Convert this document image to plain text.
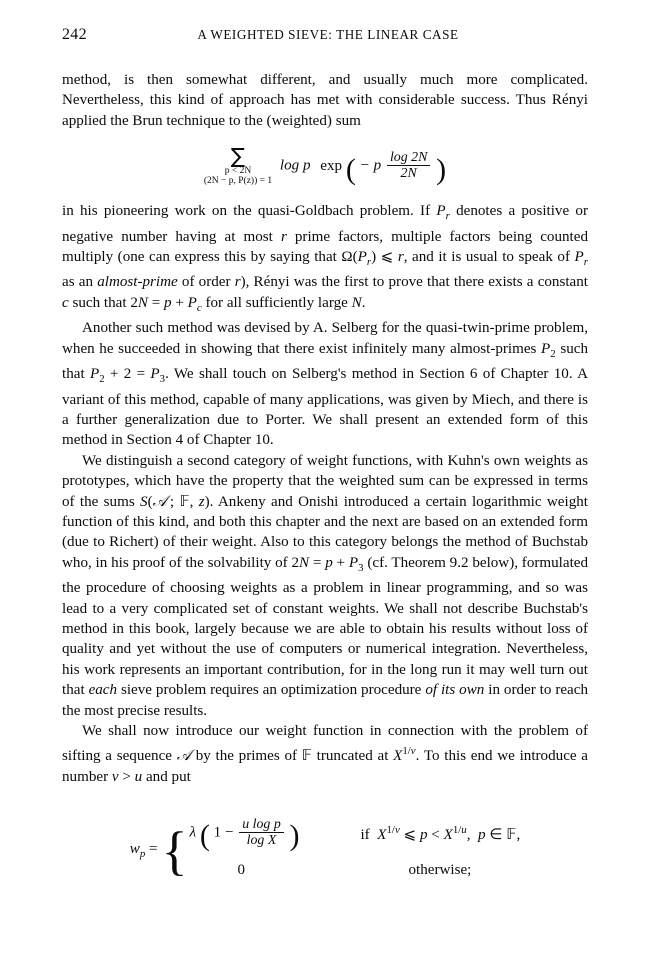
242	A WEIGHTED SIEVE: THE LINEAR CASE

method, is then somewhat different, and usually much more complicated. Nevertheless, this kind of approach has met with considerable success. Thus Rényi applied the Brun technique to the (weighted) sum

∑
p < 2N
(2N − p, P(z)) = 1
log p exp ( − p $\frac{\log 2N}{2N}$ )

in his pioneering work on the quasi-Goldbach problem. If $P_r$ denotes a positive or negative number having at most r prime factors, multiple factors being counted multiply (one can express this by saying that $\Omega(P_r)$ ⩽ r, and it is usual to speak of $P_r$ as an almost-prime of order r), Rényi was the first to prove that there exists a constant c such that $2N = p + P_c$ for all sufficiently large N.

Another such method was devised by A. Selberg for the quasi-twin-prime problem, when he succeeded in showing that there exist infinitely many almost-primes $P_2$ such that $P_2 + 2 = P_3$. We shall touch on Selberg's method in Section 6 of Chapter 10. A variant of this method, capable of many applications, was given by Miech, and there is a further generalization due to Porter. We shall present an extended form of this method in Section 4 of Chapter 10.

We distinguish a second category of weight functions, with Kuhn's own weights as prototypes, which have the property that the weighted sum can be expressed in terms of the sums S(𝒜 ; 𝔽, z). Ankeny and Onishi introduced a certain logarithmic weight function of this kind, and both this chapter and the next are based on an extended form (due to Richert) of their weight. Also to this category belongs the method of Buchstab who, in his proof of the solvability of $2N = p + P_3$ (cf. Theorem 9.2 below), formulated the procedure of choosing weights as a problem in linear programming, and so was lead to a very complicated set of constant weights. We shall not describe Buchstab's method in this book, largely because we are able to obtain his results without loss of quality and yet without the use of computers or numerical integration. Nevertheless, his work represents an important contribution, for in the long run it may well turn out that each sieve problem requires an optimization procedure of its own in order to reach the most precise results.

We shall now introduce our weight function in connection with the problem of sifting a sequence 𝒜 by the primes of 𝔽 truncated at $X^{1/v}$. To this end we introduce a number v > u and put

$w_p$ = { λ ( $1 - \frac{\text{u log p}}{\text{log X}}$ )	if $X^{1/v}$ ⩽ $p < X^{1/u}$,  p ∈ 𝔽,
0	otherwise;
